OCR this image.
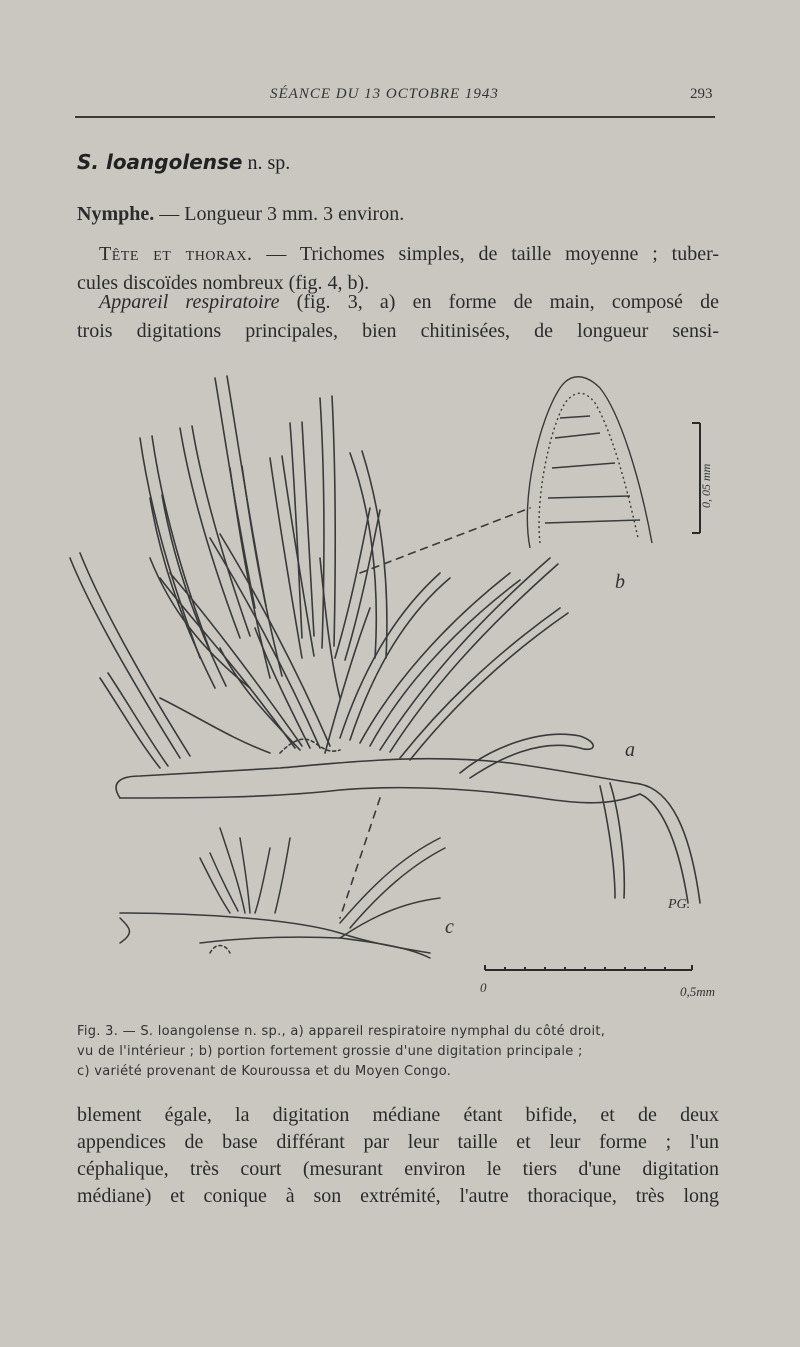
SÉANCE DU 13 OCTOBRE 1943	293
S. loangolense n. sp.
Nymphe. — Longueur 3 mm. 3 environ.
Tête et thorax. — Trichomes simples, de taille moyenne ; tuber-
cules discoïdes nombreux (fig. 4, b).
Appareil respiratoire (fig. 3, a) en forme de main, composé de
trois digitations principales, bien chitinisées, de longueur sensi-
b
a
c
0, 05 mm
0	0,5mm
PG.
Fig. 3. — S. loangolense n. sp., a) appareil respiratoire nymphal du côté droit,
vu de l'intérieur ; b) portion fortement grossie d'une digitation principale ;
c) variété provenant de Kouroussa et du Moyen Congo.
blement égale, la digitation médiane étant bifide, et de deux
appendices de base différant par leur taille et leur forme ; l'un
céphalique, très court (mesurant environ le tiers d'une digitation
médiane) et conique à son extrémité, l'autre thoracique, très long
